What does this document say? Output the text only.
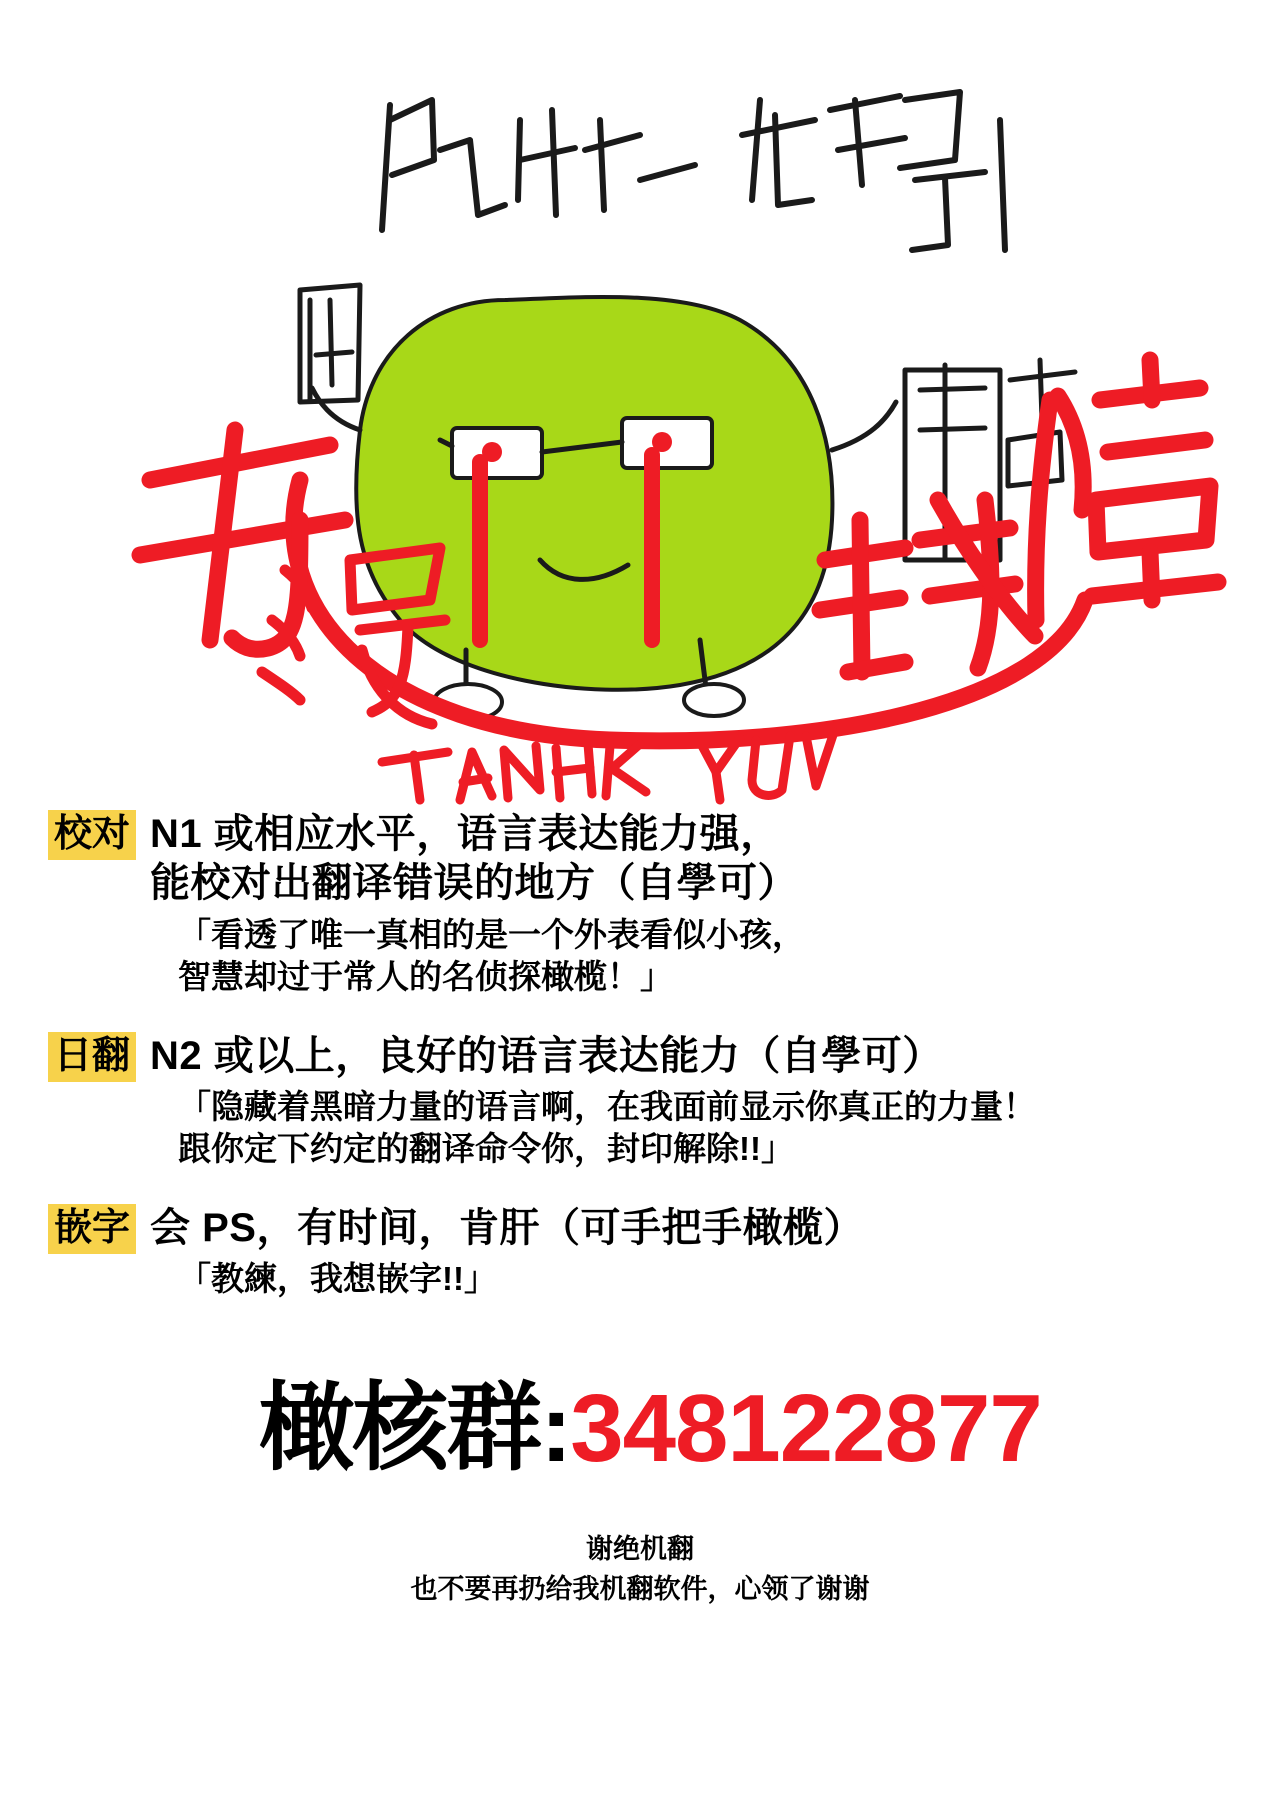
校对 N1 或相应水平，语言表达能力强，
能校对出翻译错误的地方（自學可）
「看透了唯一真相的是一个外表看似小孩，
智慧却过于常人的名侦探橄榄！」
日翻 N2 或以上，良好的语言表达能力（自學可）
「隐藏着黑暗力量的语言啊，在我面前显示你真正的力量！
跟你定下约定的翻译命令你，封印解除!!」
嵌字 会 PS，有时间，肯肝（可手把手橄榄）
「教練，我想嵌字!!」
橄核群: 348122877
谢绝机翻
也不要再扔给我机翻软件，心领了谢谢
